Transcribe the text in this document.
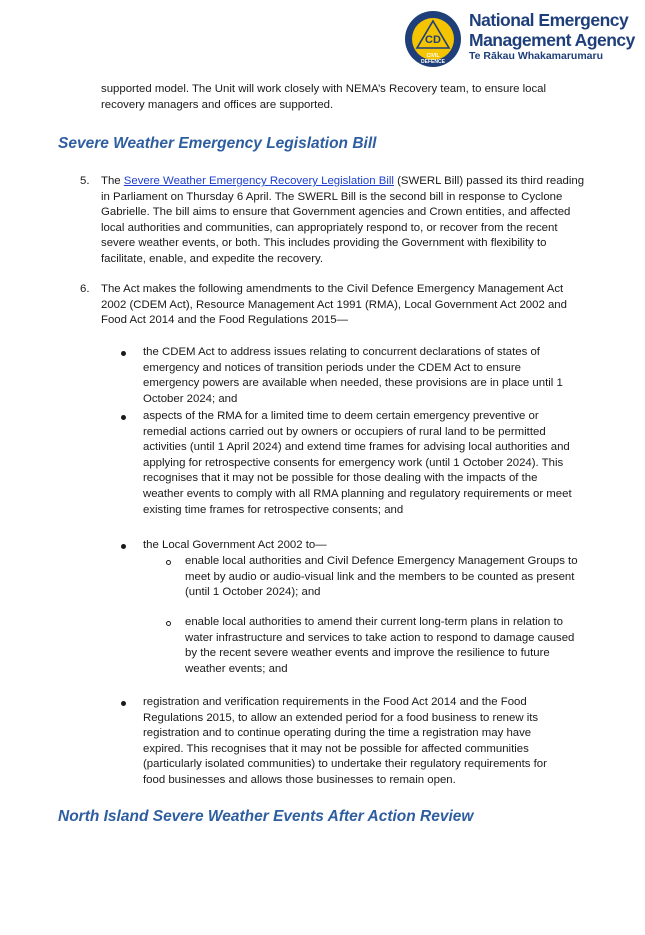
CD
CIVIL
DEFENCE
National Emergency
Management Agency
Te Rākau Whakamarumaru
supported model. The Unit will work closely with NEMA’s Recovery team, to ensure local
recovery managers and offices are supported.
Severe Weather Emergency Legislation Bill
5. The Severe Weather Emergency Recovery Legislation Bill (SWERL Bill) passed its third reading
in Parliament on Thursday 6 April. The SWERL Bill is the second bill in response to Cyclone
Gabrielle. The bill aims to ensure that Government agencies and Crown entities, and affected
local authorities and communities, can appropriately respond to, or recover from the recent
severe weather events, or both. This includes providing the Government with flexibility to
facilitate, enable, and expedite the recovery.
6. The Act makes the following amendments to the Civil Defence Emergency Management Act
2002 (CDEM Act), Resource Management Act 1991 (RMA), Local Government Act 2002 and
Food Act 2014 and the Food Regulations 2015—
the CDEM Act to address issues relating to concurrent declarations of states of
emergency and notices of transition periods under the CDEM Act to ensure
emergency powers are available when needed, these provisions are in place until 1
October 2024; and
aspects of the RMA for a limited time to deem certain emergency preventive or
remedial actions carried out by owners or occupiers of rural land to be permitted
activities (until 1 April 2024) and extend time frames for advising local authorities and
applying for retrospective consents for emergency work (until 1 October 2024). This
recognises that it may not be possible for those dealing with the impacts of the
weather events to comply with all RMA planning and regulatory requirements or meet
existing time frames for retrospective consents; and
the Local Government Act 2002 to—
enable local authorities and Civil Defence Emergency Management Groups to
meet by audio or audio-visual link and the members to be counted as present
(until 1 October 2024); and
enable local authorities to amend their current long-term plans in relation to
water infrastructure and services to take action to respond to damage caused
by the recent severe weather events and improve the resilience to future
weather events; and
registration and verification requirements in the Food Act 2014 and the Food
Regulations 2015, to allow an extended period for a food business to renew its
registration and to continue operating during the time a registration may have
expired. This recognises that it may not be possible for affected communities
(particularly isolated communities) to undertake their regulatory requirements for
food businesses and allows those businesses to remain open.
North Island Severe Weather Events After Action Review
